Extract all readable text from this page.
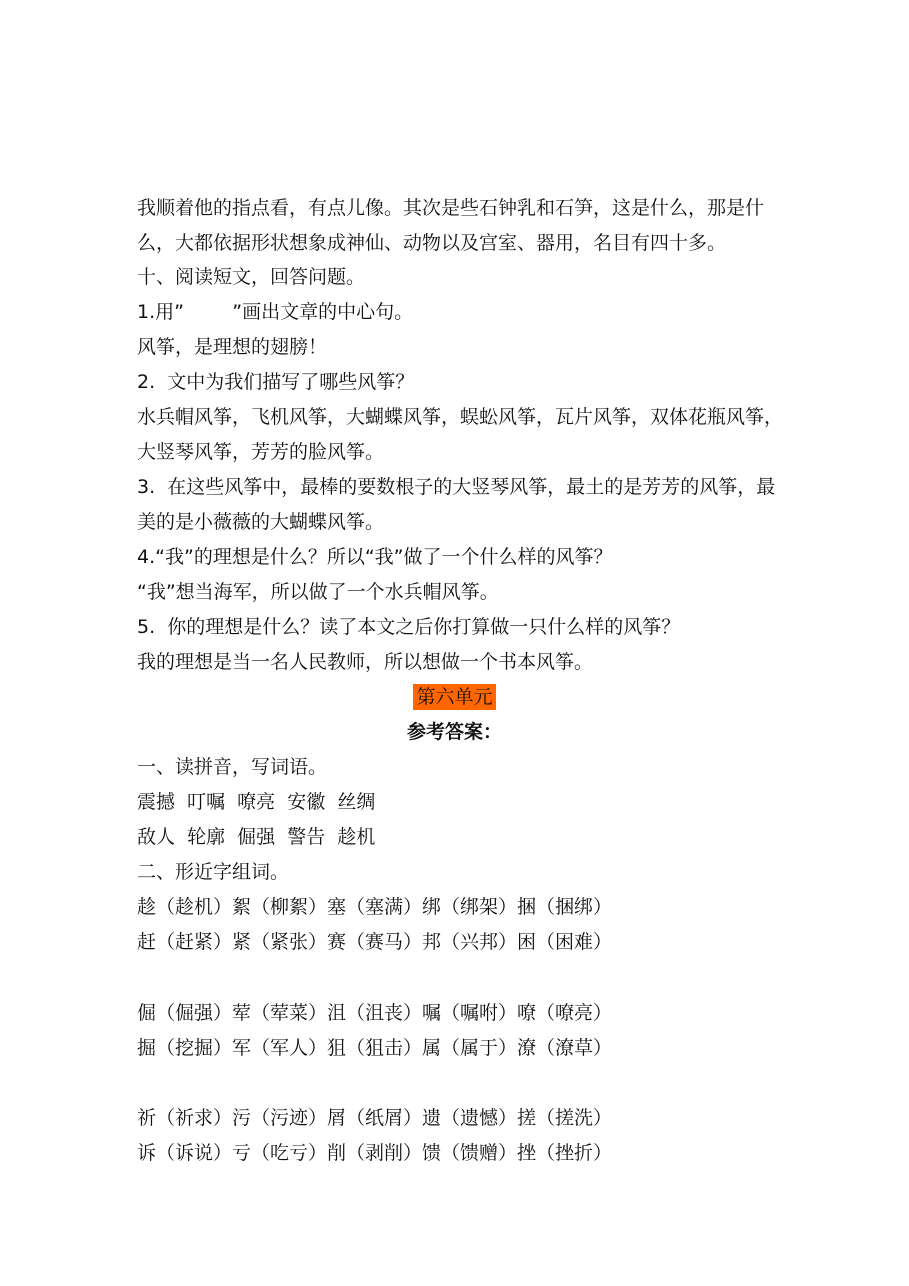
我顺着他的指点看，有点儿像。其次是些石钟乳和石笋，这是什么，那是什
么，大都依据形状想象成神仙、动物以及宫室、器用，名目有四十多。
十、阅读短文，回答问题。
1.用”        ”画出文章的中心句。
风筝，是理想的翅膀！
2.  文中为我们描写了哪些风筝？
水兵帽风筝，飞机风筝，大蝴蝶风筝，蜈蚣风筝，瓦片风筝，双体花瓶风筝，
大竖琴风筝，芳芳的脸风筝。
3.  在这些风筝中，最棒的要数根子的大竖琴风筝，最土的是芳芳的风筝，最
美的是小薇薇的大蝴蝶风筝。
4.“我”的理想是什么？所以“我”做了一个什么样的风筝？
“我”想当海军，所以做了一个水兵帽风筝。
5.  你的理想是什么？读了本文之后你打算做一只什么样的风筝？
我的理想是当一名人民教师，所以想做一个书本风筝。
第六单元
参考答案：
一、读拼音，写词语。
震撼  叮嘱  嘹亮  安徽  丝绸
敌人  轮廓  倔强  警告  趁机
二、形近字组词。
趁（趁机）絮（柳絮）塞（塞满）绑（绑架）捆（捆绑）
赶（赶紧）紧（紧张）赛（赛马）邦（兴邦）困（困难）
倔（倔强）荤（荤菜）沮（沮丧）嘱（嘱咐）嘹（嘹亮）
掘（挖掘）军（军人）狙（狙击）属（属于）潦（潦草）
祈（祈求）污（污迹）屑（纸屑）遗（遗憾）搓（搓洗）
诉（诉说）亏（吃亏）削（剥削）馈（馈赠）挫（挫折）
